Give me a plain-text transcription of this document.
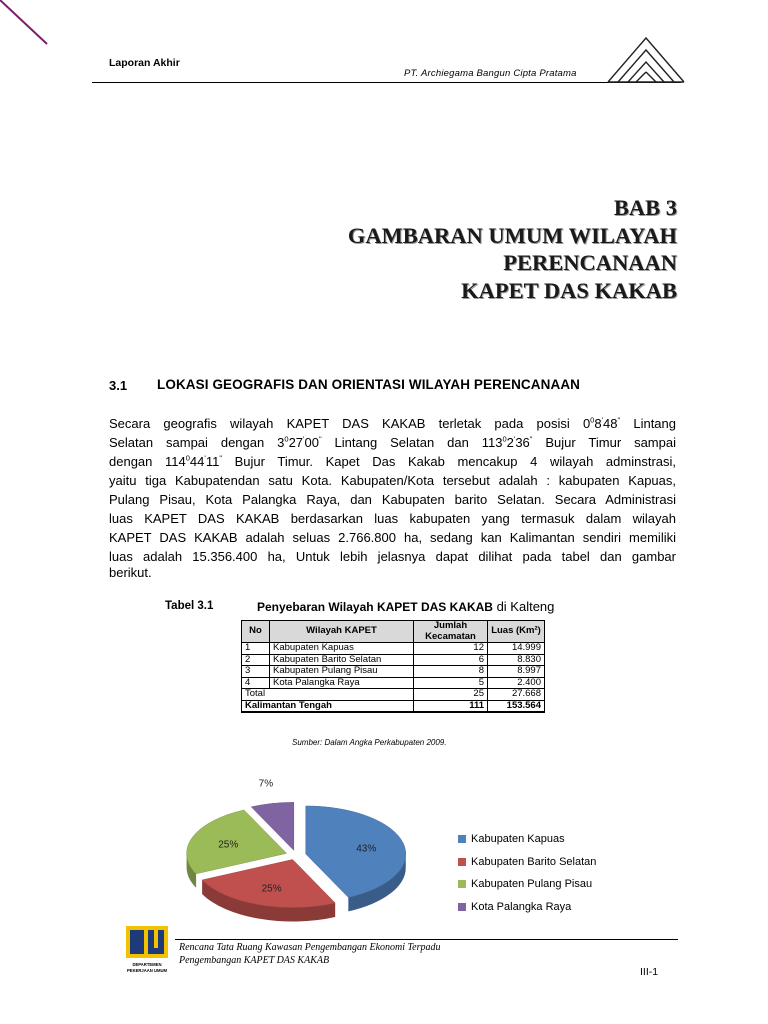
Laporan Akhir
PT. Archiegama Bangun Cipta Pratama
BAB 3
GAMBARAN UMUM WILAYAH
PERENCANAAN
KAPET DAS KAKAB
3.1 LOKASI GEOGRAFIS DAN ORIENTASI WILAYAH PERENCANAAN
Secara geografis wilayah KAPET DAS KAKAB terletak pada posisi $0^08'48^"$ Lintang
Selatan sampai dengan $3^027'00^"$ Lintang Selatan dan $113^02'36^"$ Bujur Timur sampai
dengan $114^044'11^"$ Bujur Timur. Kapet Das Kakab mencakup 4 wilayah adminstrasi,
yaitu tiga Kabupatendan satu Kota. Kabupaten/Kota tersebut adalah : kabupaten Kapuas,
Pulang Pisau, Kota Palangka Raya, dan Kabupaten barito Selatan. Secara Administrasi
luas KAPET DAS KAKAB berdasarkan luas kabupaten yang termasuk dalam wilayah
KAPET DAS KAKAB adalah seluas 2.766.800 ha, sedang kan Kalimantan sendiri memiliki
luas adalah 15.356.400 ha, Untuk lebih jelasnya dapat dilihat pada tabel dan gambar
berikut.
Tabel 3.1	Penyebaran Wilayah KAPET DAS KAKAB di Kalteng
No	Wilayah KAPET	Jumlah Kecamatan	Luas (Km²)
1	Kabupaten Kapuas	12	14.999
2	Kabupaten Barito Selatan	6	8.830
3	Kabupaten Pulang Pisau	8	8.997
4	Kota Palangka Raya	5	2.400
Total		25	27.668
Kalimantan Tengah		111	153.564
Sumber: Dalam Angka Perkabupaten 2009.
43%
25%
25%
7%
Kabupaten Kapuas
Kabupaten Barito Selatan
Kabupaten Pulang Pisau
Kota Palangka Raya
DEPARTEMEN
PEKERJAAN UMUM
Rencana Tata Ruang Kawasan Pengembangan Ekonomi Terpadu
Pengembangan KAPET DAS KAKAB
III-1
